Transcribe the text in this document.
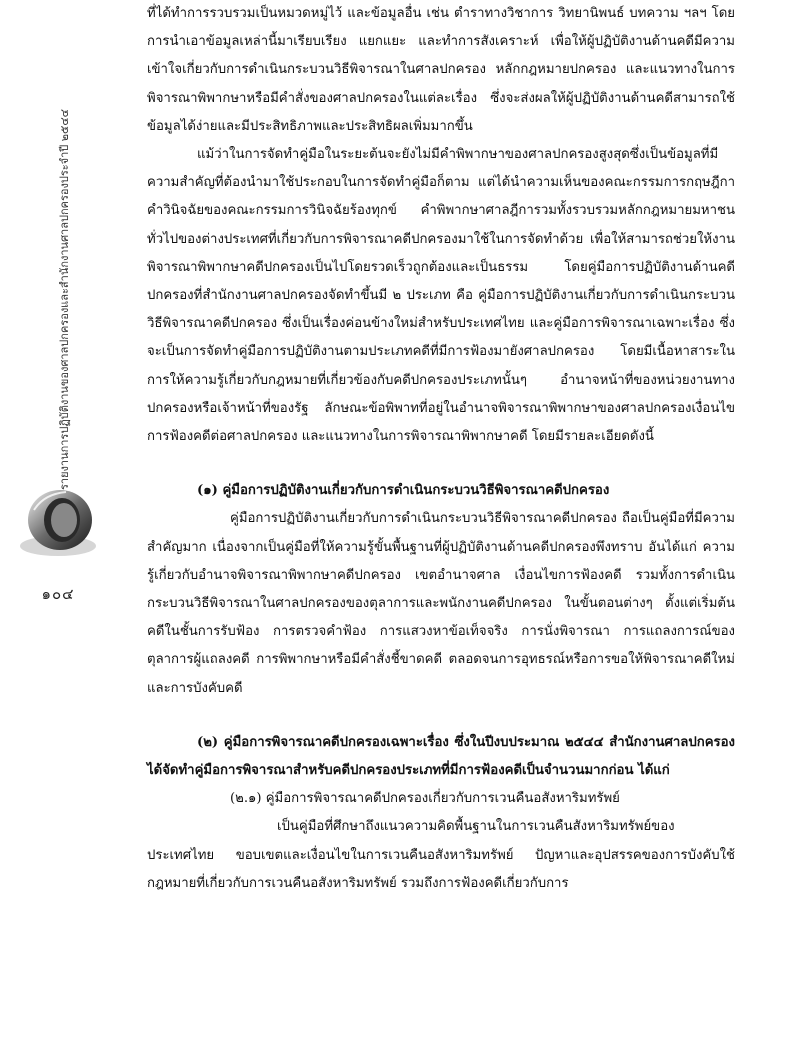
รายงานการปฏิบัติงานของศาลปกครองและสำนักงานศาลปกครองประจำปี ๒๕๔๔
๑๐๔

ที่ได้ทำการรวบรวมเป็นหมวดหมู่ไว้ และข้อมูลอื่น เช่น ตำราทางวิชาการ วิทยานิพนธ์ บทความ ฯลฯ โดยการนำเอาข้อมูลเหล่านี้มาเรียบเรียง แยกแยะ และทำการสังเคราะห์ เพื่อให้ผู้ปฏิบัติงานด้านคดีมีความเข้าใจเกี่ยวกับการดำเนินกระบวนวิธีพิจารณาในศาลปกครอง หลักกฎหมายปกครอง และแนวทางในการพิจารณาพิพากษาหรือมีคำสั่งของศาลปกครองในแต่ละเรื่อง ซึ่งจะส่งผลให้ผู้ปฏิบัติงานด้านคดีสามารถใช้ข้อมูลได้ง่ายและมีประสิทธิภาพและประสิทธิผลเพิ่มมากขึ้น

แม้ว่าในการจัดทำคู่มือในระยะต้นจะยังไม่มีคำพิพากษาของศาลปกครองสูงสุดซึ่งเป็นข้อมูลที่มีความสำคัญที่ต้องนำมาใช้ประกอบในการจัดทำคู่มือก็ตาม แต่ได้นำความเห็นของคณะกรรมการกฤษฎีกา คำวินิจฉัยของคณะกรรมการวินิจฉัยร้องทุกข์ คำพิพากษาศาลฎีการวมทั้งรวบรวมหลักกฎหมายมหาชนทั่วไปของต่างประเทศที่เกี่ยวกับการพิจารณาคดีปกครองมาใช้ในการจัดทำด้วย เพื่อให้สามารถช่วยให้งานพิจารณาพิพากษาคดีปกครองเป็นไปโดยรวดเร็วถูกต้องและเป็นธรรม โดยคู่มือการปฏิบัติงานด้านคดีปกครองที่สำนักงานศาลปกครองจัดทำขึ้นมี ๒ ประเภท คือ คู่มือการปฏิบัติงานเกี่ยวกับการดำเนินกระบวนวิธีพิจารณาคดีปกครอง ซึ่งเป็นเรื่องค่อนข้างใหม่สำหรับประเทศไทย และคู่มือการพิจารณาเฉพาะเรื่อง ซึ่งจะเป็นการจัดทำคู่มือการปฏิบัติงานตามประเภทคดีที่มีการฟ้องมายังศาลปกครอง โดยมีเนื้อหาสาระในการให้ความรู้เกี่ยวกับกฎหมายที่เกี่ยวข้องกับคดีปกครองประเภทนั้นๆ อำนาจหน้าที่ของหน่วยงานทางปกครองหรือเจ้าหน้าที่ของรัฐ ลักษณะข้อพิพาทที่อยู่ในอำนาจพิจารณาพิพากษาของศาลปกครองเงื่อนไขการฟ้องคดีต่อศาลปกครอง และแนวทางในการพิจารณาพิพากษาคดี โดยมีรายละเอียดดังนี้

(๑) คู่มือการปฏิบัติงานเกี่ยวกับการดำเนินกระบวนวิธีพิจารณาคดีปกครอง

คู่มือการปฏิบัติงานเกี่ยวกับการดำเนินกระบวนวิธีพิจารณาคดีปกครอง ถือเป็นคู่มือที่มีความสำคัญมาก เนื่องจากเป็นคู่มือที่ให้ความรู้ขั้นพื้นฐานที่ผู้ปฏิบัติงานด้านคดีปกครองพึงทราบ อันได้แก่ ความรู้เกี่ยวกับอำนาจพิจารณาพิพากษาคดีปกครอง เขตอำนาจศาล เงื่อนไขการฟ้องคดี รวมทั้งการดำเนินกระบวนวิธีพิจารณาในศาลปกครองของตุลาการและพนักงานคดีปกครอง ในขั้นตอนต่างๆ ตั้งแต่เริ่มต้นคดีในชั้นการรับฟ้อง การตรวจคำฟ้อง การแสวงหาข้อเท็จจริง การนั่งพิจารณา การแถลงการณ์ของตุลาการผู้แถลงคดี การพิพากษาหรือมีคำสั่งชี้ขาดคดี ตลอดจนการอุทธรณ์หรือการขอให้พิจารณาคดีใหม่และการบังคับคดี

(๒) คู่มือการพิจารณาคดีปกครองเฉพาะเรื่อง ซึ่งในปีงบประมาณ ๒๕๔๔ สำนักงานศาลปกครองได้จัดทำคู่มือการพิจารณาสำหรับคดีปกครองประเภทที่มีการฟ้องคดีเป็นจำนวนมากก่อน ได้แก่

(๒.๑) คู่มือการพิจารณาคดีปกครองเกี่ยวกับการเวนคืนอสังหาริมทรัพย์

เป็นคู่มือที่ศึกษาถึงแนวความคิดพื้นฐานในการเวนคืนสังหาริมทรัพย์ของประเทศไทย ขอบเขตและเงื่อนไขในการเวนคืนอสังหาริมทรัพย์ ปัญหาและอุปสรรคของการบังคับใช้กฎหมายที่เกี่ยวกับการเวนคืนอสังหาริมทรัพย์ รวมถึงการฟ้องคดีเกี่ยวกับการ
